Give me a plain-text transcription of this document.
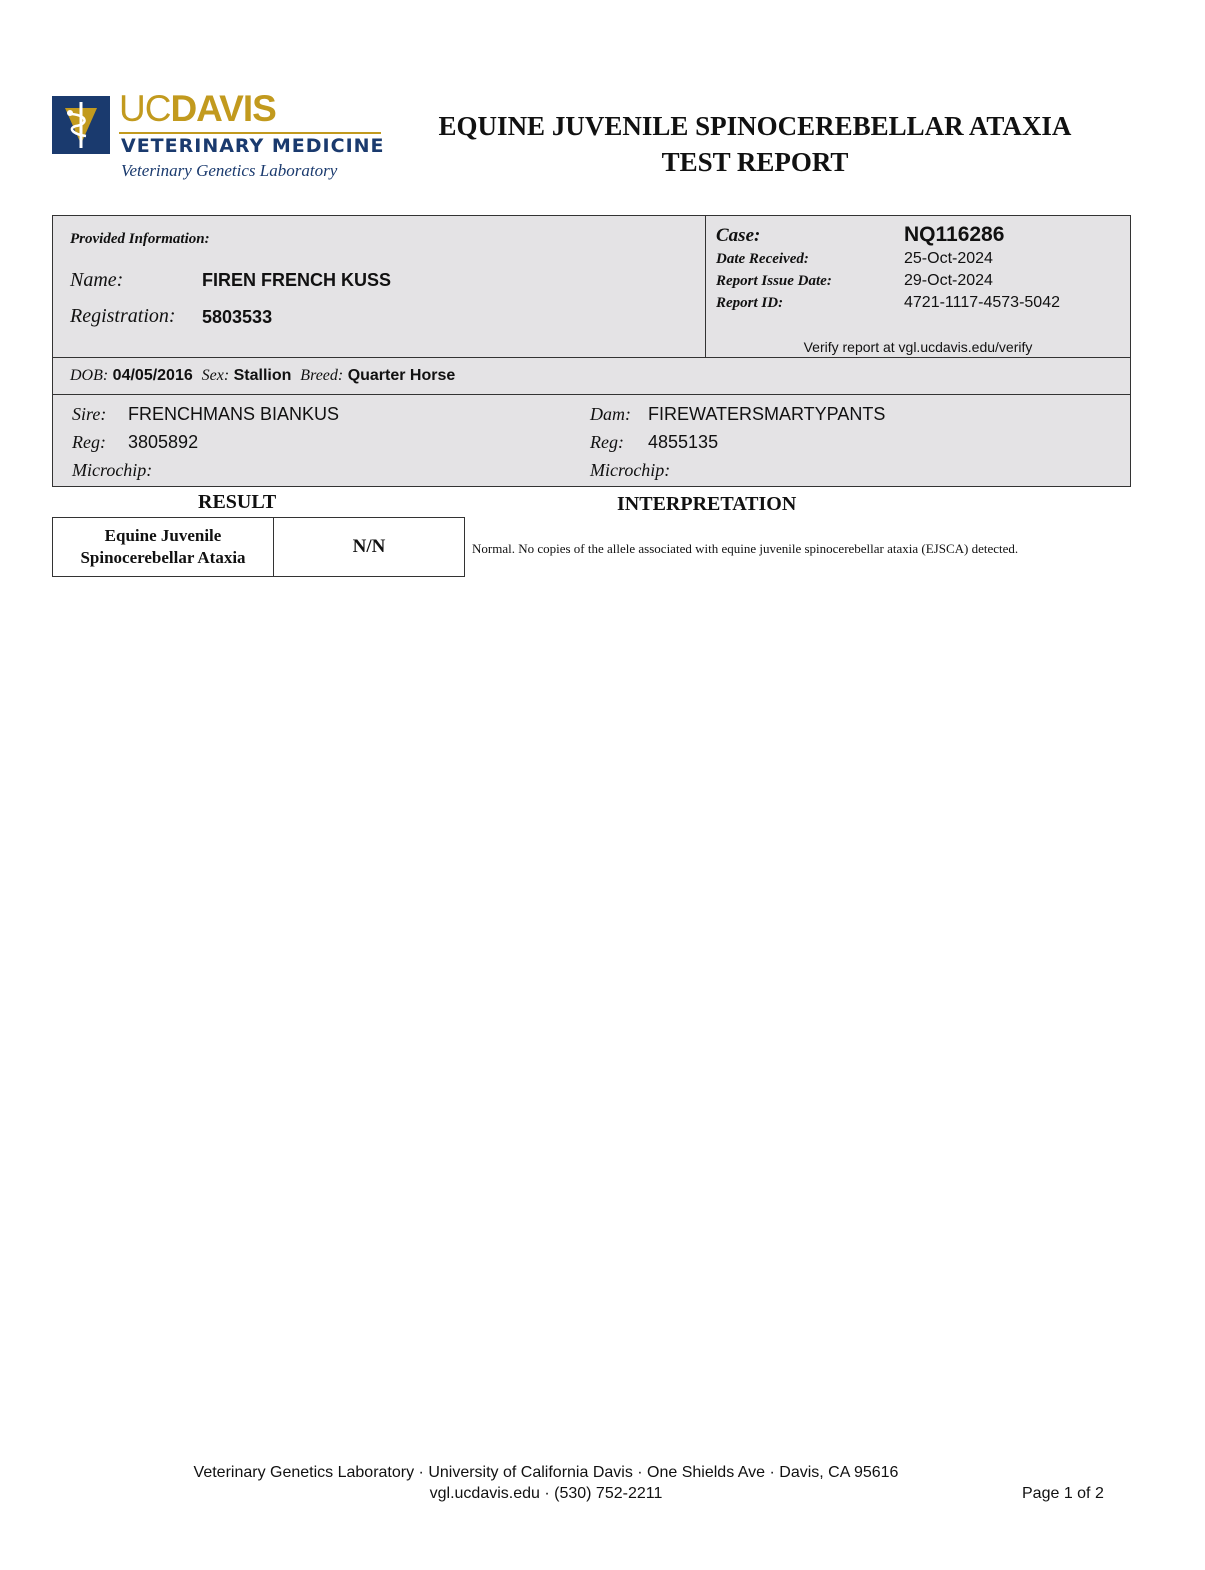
UCDAVIS
VETERINARY MEDICINE
Veterinary Genetics Laboratory
EQUINE JUVENILE SPINOCEREBELLAR ATAXIA
TEST REPORT
Provided Information:
Name:	FIREN FRENCH KUSS
Registration: 5803533
Case:	NQ116286
Date Received:	25-Oct-2024
Report Issue Date:	29-Oct-2024
Report ID:	4721-1117-4573-5042
Verify report at vgl.ucdavis.edu/verify
DOB: 04/05/2016 Sex: Stallion Breed: Quarter Horse
Sire: FRENCHMANS BIANKUS
Reg: 3805892
Microchip:
Dam: FIREWATERSMARTYPANTS
Reg: 4855135
Microchip:
RESULT	INTERPRETATION
Equine Juvenile
Spinocerebellar Ataxia
N/N	Normal. No copies of the allele associated with equine juvenile spinocerebellar ataxia (EJSCA) detected.
Veterinary Genetics Laboratory · University of California Davis · One Shields Ave · Davis, CA 95616
vgl.ucdavis.edu · (530) 752-2211	Page 1 of 2
